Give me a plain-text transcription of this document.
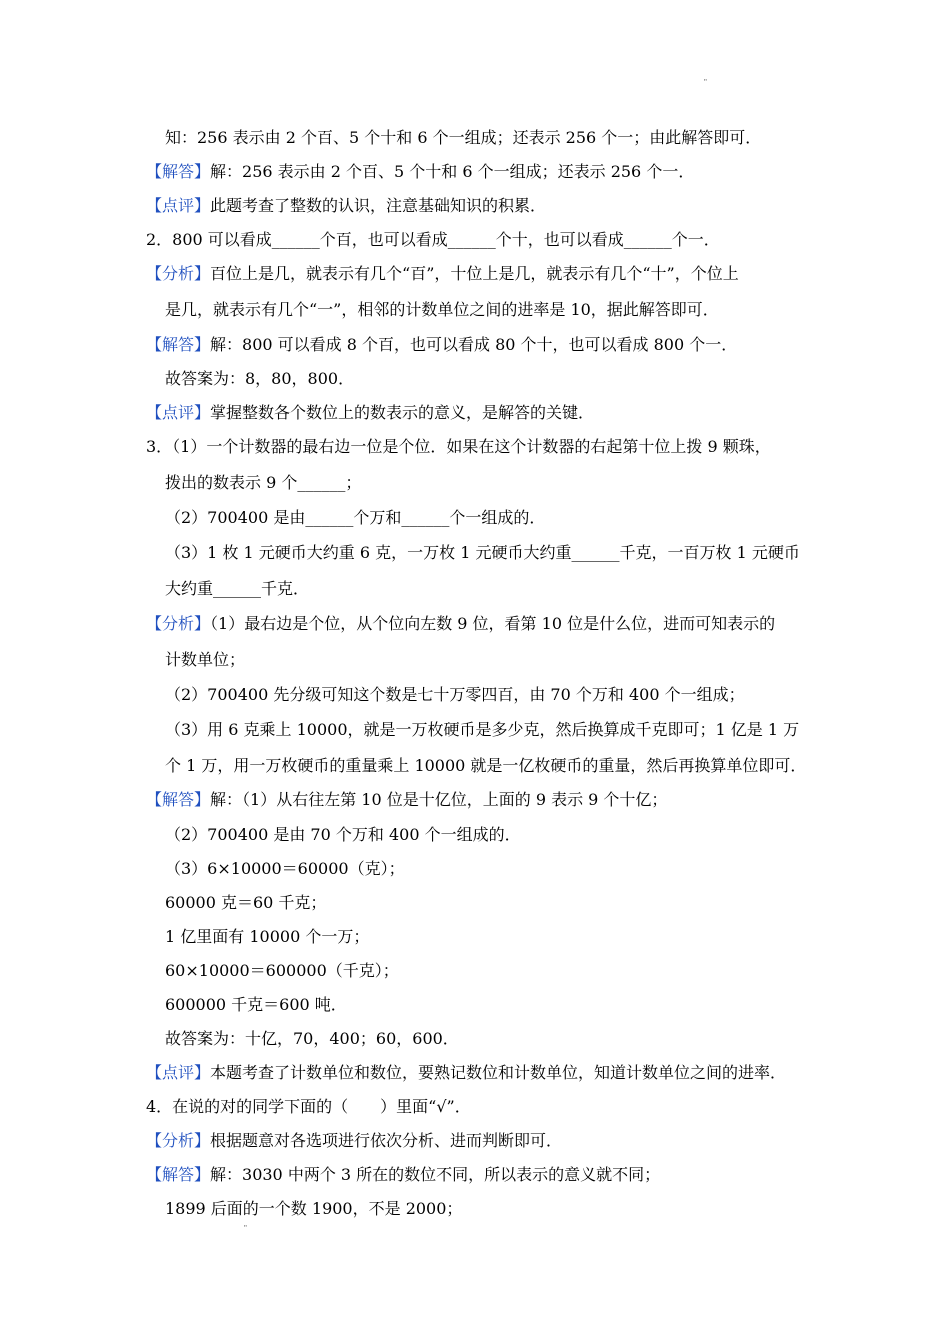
"
知：256 表示由 2 个百、5 个十和 6 个一组成；还表示 256 个一；由此解答即可．
【解答】解：256 表示由 2 个百、5 个十和 6 个一组成；还表示 256 个一．
【点评】此题考查了整数的认识，注意基础知识的积累．
2．800 可以看成______个百，也可以看成______个十，也可以看成______个一．
【分析】百位上是几，就表示有几个“百”，十位上是几，就表示有几个“十”，个位上
是几，就表示有几个“一”，相邻的计数单位之间的进率是 10，据此解答即可．
【解答】解：800 可以看成 8 个百，也可以看成 80 个十，也可以看成 800 个一．
故答案为：8，80，800．
【点评】掌握整数各个数位上的数表示的意义，是解答的关键．
3．（1）一个计数器的最右边一位是个位．如果在这个计数器的右起第十位上拨 9 颗珠，
拨出的数表示 9 个______；
（2）700400 是由______个万和______个一组成的．
（3）1 枚 1 元硬币大约重 6 克，一万枚 1 元硬币大约重______千克，一百万枚 1 元硬币
大约重______千克．
【分析】（1）最右边是个位，从个位向左数 9 位，看第 10 位是什么位，进而可知表示的
计数单位；
（2）700400 先分级可知这个数是七十万零四百，由 70 个万和 400 个一组成；
（3）用 6 克乘上 10000，就是一万枚硬币是多少克，然后换算成千克即可；1 亿是 1 万
个 1 万，用一万枚硬币的重量乘上 10000 就是一亿枚硬币的重量，然后再换算单位即可．
【解答】解：（1）从右往左第 10 位是十亿位，上面的 9 表示 9 个十亿；
（2）700400 是由 70 个万和 400 个一组成的．
（3）6×10000＝60000（克）；
60000 克＝60 千克；
1 亿里面有 10000 个一万；
60×10000＝600000（千克）；
600000 千克＝600 吨．
故答案为：十亿，70，400；60，600．
【点评】本题考查了计数单位和数位，要熟记数位和计数单位，知道计数单位之间的进率．
4．在说的对的同学下面的（　　）里面“√”．
【分析】根据题意对各选项进行依次分析、进而判断即可．
【解答】解：3030 中两个 3 所在的数位不同，所以表示的意义就不同；
1899 后面的一个数 1900，不是 2000；
"
